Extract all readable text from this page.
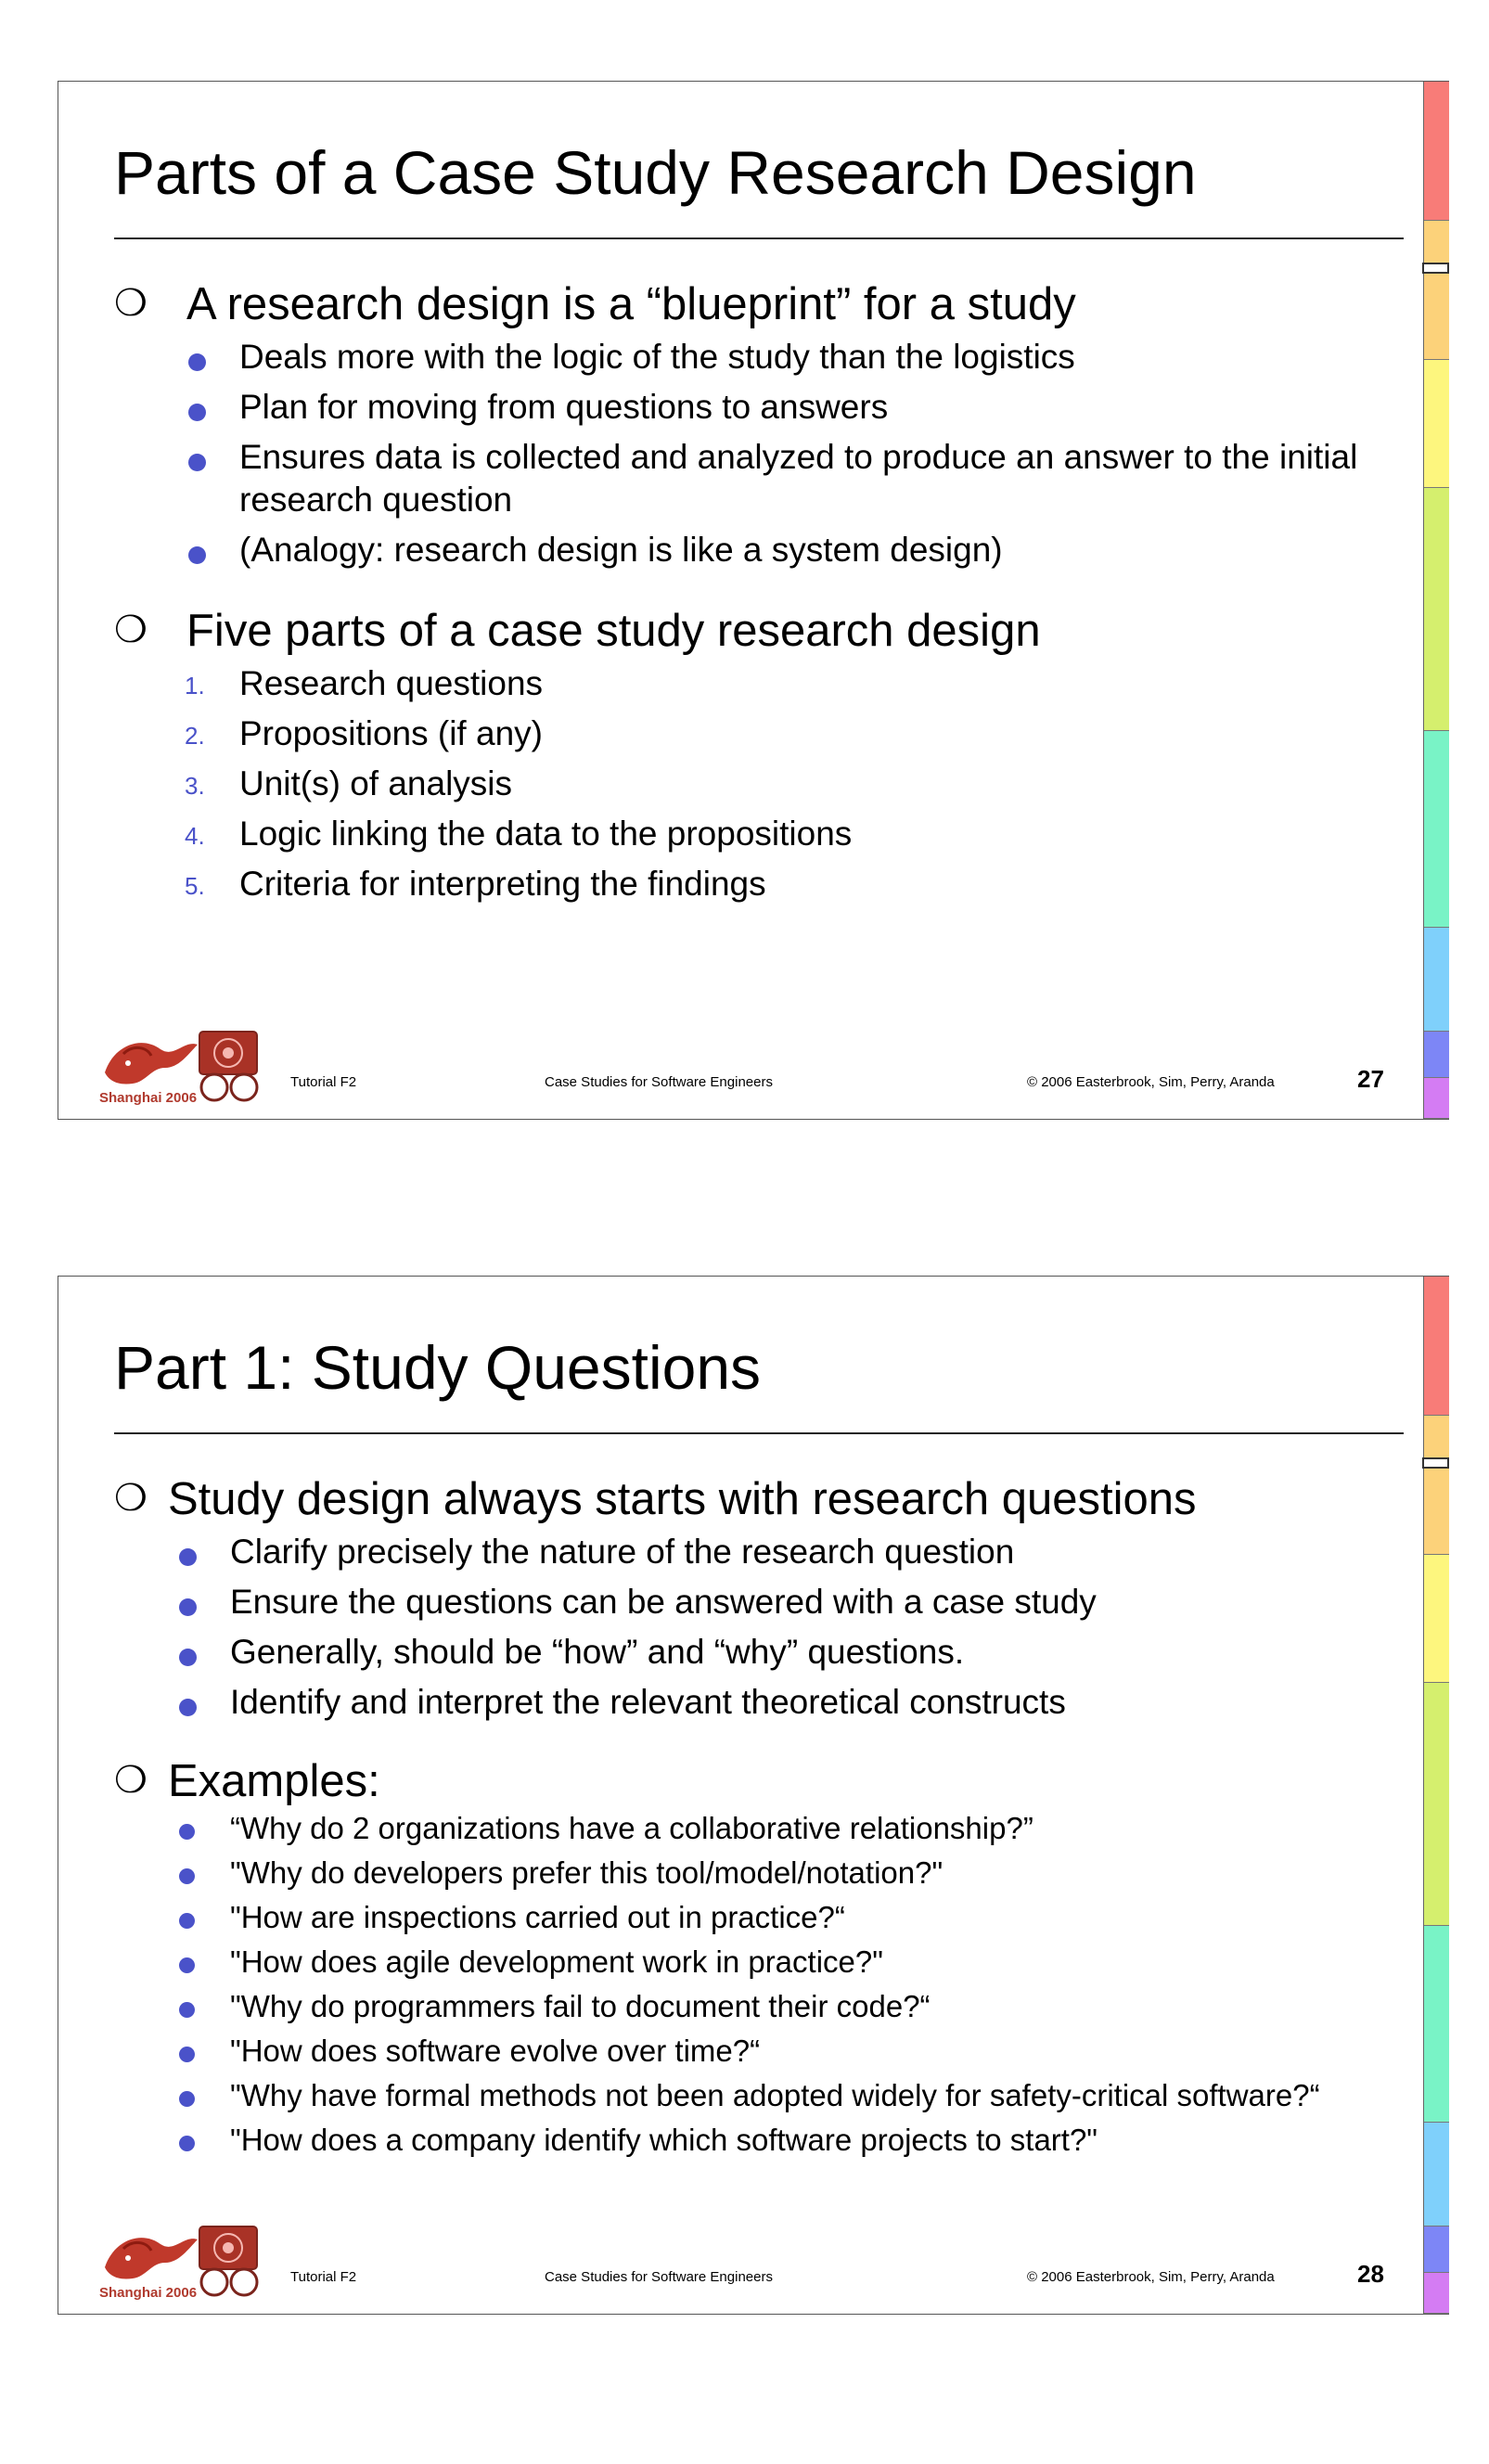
Parts of a Case Study Research Design
❍ A research design is a “blueprint” for a study
Deals more with the logic of the study than the logistics
Plan for moving from questions to answers
Ensures data is collected and analyzed to produce an answer to the initial
research question
(Analogy: research design is like a system design)
❍ Five parts of a case study research design
1. Research questions
2. Propositions (if any)
3. Unit(s) of analysis
4. Logic linking the data to the propositions
5. Criteria for interpreting the findings
Shanghai 2006
Tutorial F2	Case Studies for Software Engineers	© 2006 Easterbrook, Sim, Perry, Aranda	27
Part 1: Study Questions
❍ Study design always starts with research questions
Clarify precisely the nature of the research question
Ensure the questions can be answered with a case study
Generally, should be “how” and “why” questions.
Identify and interpret the relevant theoretical constructs
❍ Examples:
“Why do 2 organizations have a collaborative relationship?”
"Why do developers prefer this tool/model/notation?"
"How are inspections carried out in practice?“
"How does agile development work in practice?"
"Why do programmers fail to document their code?“
"How does software evolve over time?“
"Why have formal methods not been adopted widely for safety-critical software?“
"How does a company identify which software projects to start?"
Shanghai 2006
Tutorial F2	Case Studies for Software Engineers	© 2006 Easterbrook, Sim, Perry, Aranda	28
